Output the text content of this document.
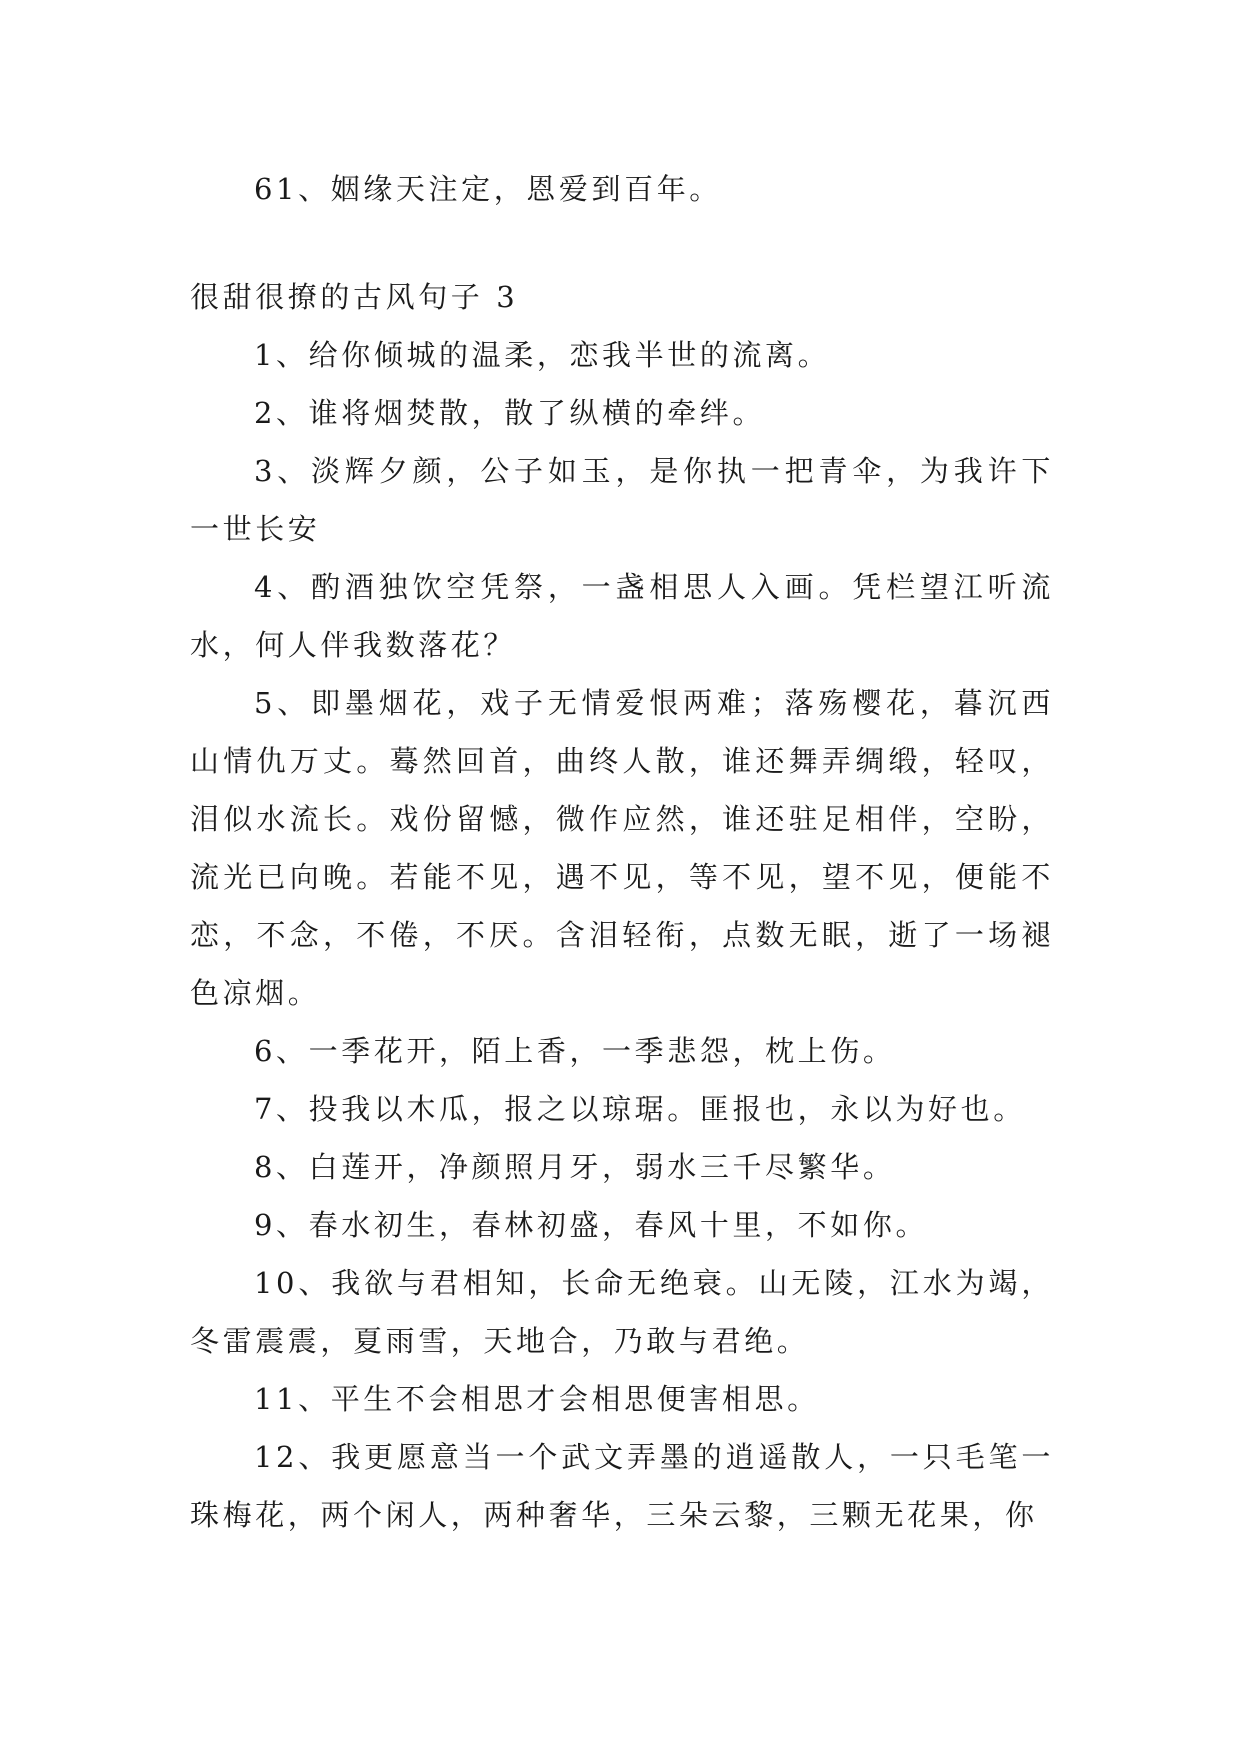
61、姻缘天注定，恩爱到百年。

很甜很撩的古风句子 3

1、给你倾城的温柔，恋我半世的流离。

2、谁将烟焚散，散了纵横的牵绊。

3、淡辉夕颜，公子如玉，是你执一把青伞，为我许下一世长安

4、酌酒独饮空凭祭，一盏相思人入画。凭栏望江听流水，何人伴我数落花？

5、即墨烟花，戏子无情爱恨两难；落殇樱花，暮沉西山情仇万丈。蓦然回首，曲终人散，谁还舞弄绸缎，轻叹，泪似水流长。戏份留憾，微作应然，谁还驻足相伴，空盼，流光已向晚。若能不见，遇不见，等不见，望不见，便能不恋，不念，不倦，不厌。含泪轻衔，点数无眠，逝了一场褪色凉烟。

6、一季花开，陌上香，一季悲怨，枕上伤。

7、投我以木瓜，报之以琼琚。匪报也，永以为好也。

8、白莲开，净颜照月牙，弱水三千尽繁华。

9、春水初生，春林初盛，春风十里，不如你。

10、我欲与君相知，长命无绝衰。山无陵，江水为竭，冬雷震震，夏雨雪，天地合，乃敢与君绝。

11、平生不会相思才会相思便害相思。

12、我更愿意当一个武文弄墨的逍遥散人，一只毛笔一珠梅花，两个闲人，两种奢华，三朵云黎，三颗无花果，你
